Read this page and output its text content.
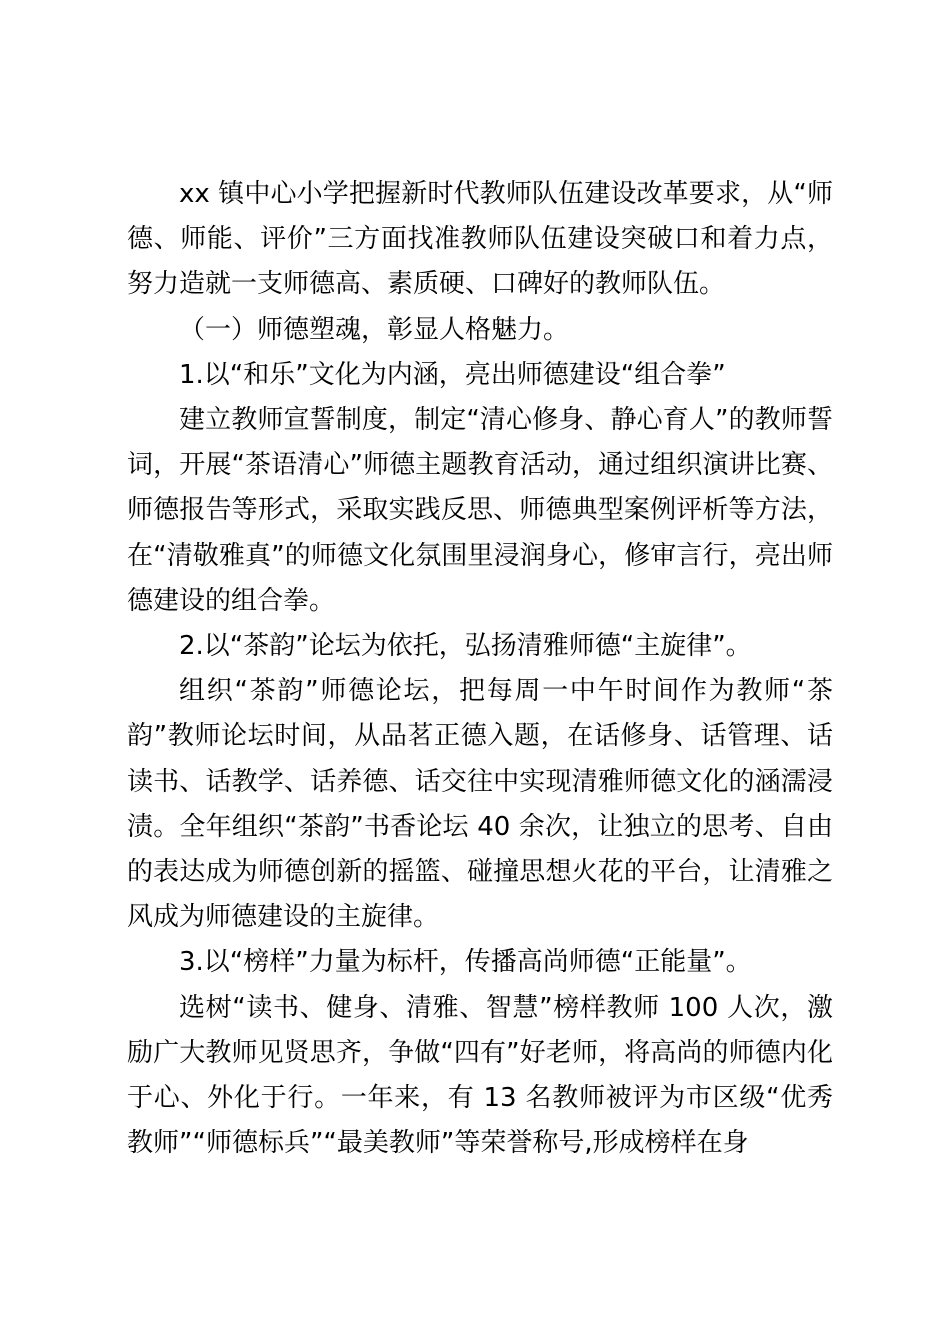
xx 镇中心小学把握新时代教师队伍建设改革要求，从“师德、师能、评价”三方面找准教师队伍建设突破口和着力点，努力造就一支师德高、素质硬、口碑好的教师队伍。

（一）师德塑魂，彰显人格魅力。

1.以“和乐”文化为内涵，亮出师德建设“组合拳”

建立教师宣誓制度，制定“清心修身、静心育人”的教师誓词，开展“茶语清心”师德主题教育活动，通过组织演讲比赛、师德报告等形式，采取实践反思、师德典型案例评析等方法，在“清敬雅真”的师德文化氛围里浸润身心，修审言行，亮出师德建设的组合拳。

2.以“茶韵”论坛为依托，弘扬清雅师德“主旋律”。

组织“茶韵”师德论坛，把每周一中午时间作为教师“茶韵”教师论坛时间，从品茗正德入题，在话修身、话管理、话读书、话教学、话养德、话交往中实现清雅师德文化的涵濡浸渍。全年组织“茶韵”书香论坛 40 余次，让独立的思考、自由的表达成为师德创新的摇篮、碰撞思想火花的平台，让清雅之风成为师德建设的主旋律。

3.以“榜样”力量为标杆，传播高尚师德“正能量”。

选树“读书、健身、清雅、智慧”榜样教师 100 人次，激励广大教师见贤思齐，争做“四有”好老师，将高尚的师德内化于心、外化于行。一年来，有 13 名教师被评为市区级“优秀教师”“师德标兵”“最美教师”等荣誉称号,形成榜样在身
